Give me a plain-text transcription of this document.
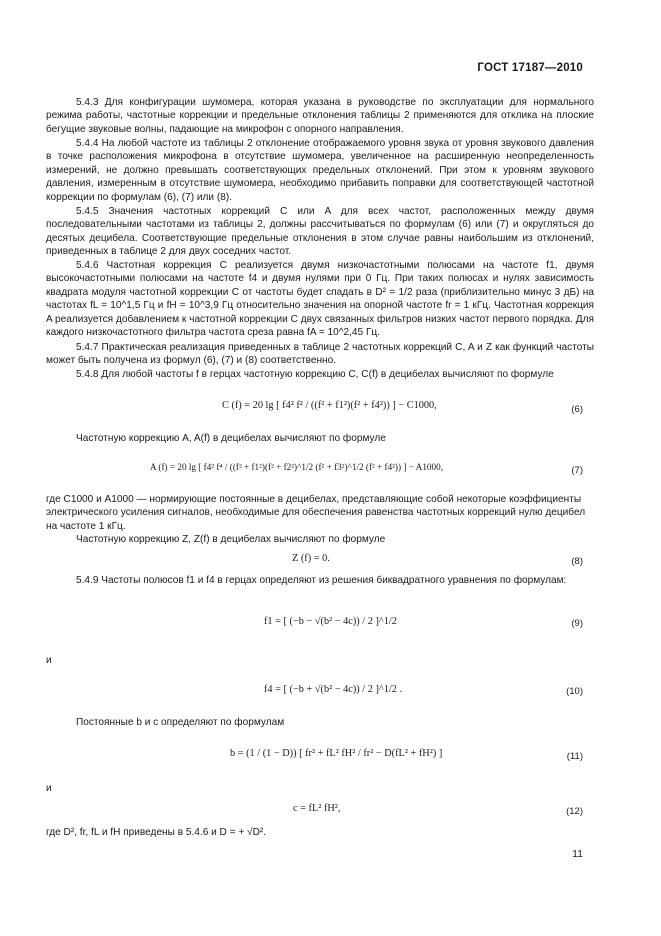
ГОСТ 17187—2010
5.4.3 Для конфигурации шумомера, которая указана в руководстве по эксплуатации для нормального режима работы, частотные коррекции и предельные отклонения таблицы 2 применяются для отклика на плоские бегущие звуковые волны, падающие на микрофон с опорного направления.
5.4.4 На любой частоте из таблицы 2 отклонение отображаемого уровня звука от уровня звукового давления в точке расположения микрофона в отсутствие шумомера, увеличенное на расширенную неопределенность измерений, не должно превышать соответствующих предельных отклонений. При этом к уровням звукового давления, измеренным в отсутствие шумомера, необходимо прибавить поправки для соответствующей частотной коррекции по формулам (6), (7) или (8).
5.4.5 Значения частотных коррекций C или A для всех частот, расположенных между двумя последовательными частотами из таблицы 2, должны рассчитываться по формулам (6) или (7) и округляться до десятых децибела. Соответствующие предельные отклонения в этом случае равны наибольшим из отклонений, приведенных в таблице 2 для двух соседних частот.
5.4.6 Частотная коррекция C реализуется двумя низкочастотными полюсами на частоте f1, двумя высокочастотными полюсами на частоте f4 и двумя нулями при 0 Гц. При таких полюсах и нулях зависимость квадрата модуля частотной коррекции C от частоты будет спадать в D² = 1/2 раза (приблизительно минус 3 дБ) на частотах fL = 10^1,5 Гц и fH = 10^3,9 Гц относительно значения на опорной частоте fr = 1 кГц. Частотная коррекция A реализуется добавлением к частотной коррекции C двух связанных фильтров низких частот первого порядка. Для каждого низкочастотного фильтра частота среза равна fA = 10^2,45 Гц.
5.4.7 Практическая реализация приведенных в таблице 2 частотных коррекций C, A и Z как функций частоты может быть получена из формул (6), (7) и (8) соответственно.
5.4.8 Для любой частоты f в герцах частотную коррекцию C, C(f) в децибелах вычисляют по формуле
C (f) = 20 lg [ f4² f² / ((f² + f1²)(f² + f4²)) ] − C1000,	(6)
Частотную коррекцию A, A(f) в децибелах вычисляют по формуле
A (f) = 20 lg [ f4² f⁴ / ((f² + f1²)(f² + f2²)^1/2 (f² + f3²)^1/2 (f² + f4²)) ] − A1000,	(7)
где C1000 и A1000 — нормирующие постоянные в децибелах, представляющие собой некоторые коэффициенты электрического усиления сигналов, необходимые для обеспечения равенства частотных коррекций нулю децибел на частоте 1 кГц.
Частотную коррекцию Z, Z(f) в децибелах вычисляют по формуле
Z (f) = 0.	(8)
5.4.9 Частоты полюсов f1 и f4 в герцах определяют из решения биквадратного уравнения по формулам:
f1 = [ (−b − √(b² − 4c)) / 2 ]^1/2	(9)
и
f4 = [ (−b + √(b² − 4c)) / 2 ]^1/2 .	(10)
Постоянные b и c определяют по формулам
b = (1 / (1 − D)) [ fr² + fL² fH² / fr² − D(fL² + fH²) ]	(11)
и
c = fL² fH²,	(12)
где D², fr, fL и fH приведены в 5.4.6 и D = + √D².
11
